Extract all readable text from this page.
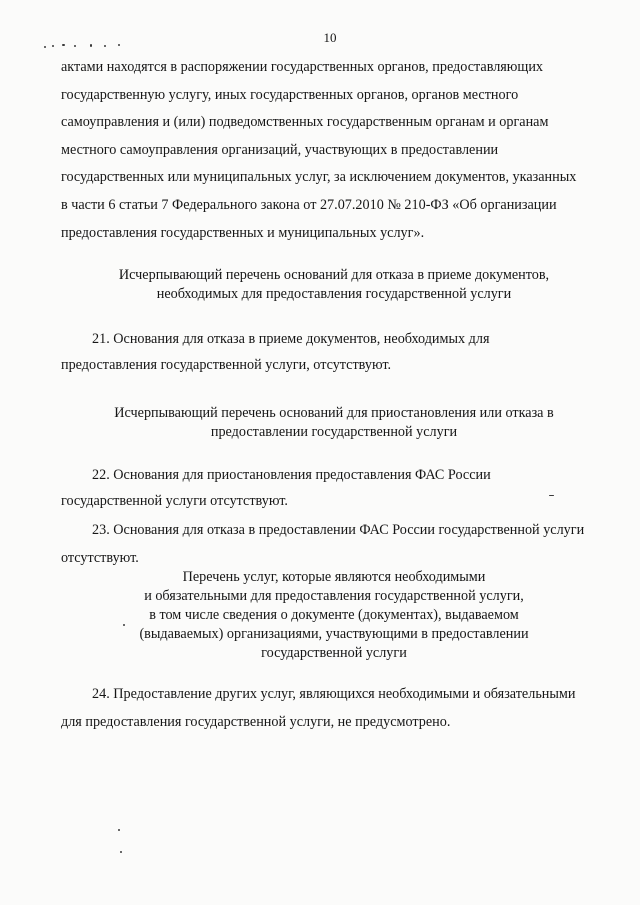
10
актами находятся в распоряжении государственных органов, предоставляющих
государственную услугу, иных государственных органов, органов местного
самоуправления и (или) подведомственных государственным органам и органам
местного самоуправления организаций, участвующих в предоставлении
государственных или муниципальных услуг, за исключением документов, указанных
в части 6 статьи 7 Федерального закона от 27.07.2010 № 210-ФЗ «Об организации
предоставления государственных и муниципальных услуг».
Исчерпывающий перечень оснований для отказа в приеме документов,
необходимых для предоставления государственной услуги
21. Основания для отказа в приеме документов, необходимых для
предоставления государственной услуги, отсутствуют.
Исчерпывающий перечень оснований для приостановления или отказа в
предоставлении государственной услуги
22. Основания для приостановления предоставления ФАС России
государственной услуги отсутствуют.
23. Основания для отказа в предоставлении ФАС России государственной услуги
отсутствуют.
Перечень услуг, которые являются необходимыми
и обязательными для предоставления государственной услуги,
в том числе сведения о документе (документах), выдаваемом
(выдаваемых) организациями, участвующими в предоставлении
государственной услуги
24. Предоставление других услуг, являющихся необходимыми и обязательными
для предоставления государственной услуги, не предусмотрено.
